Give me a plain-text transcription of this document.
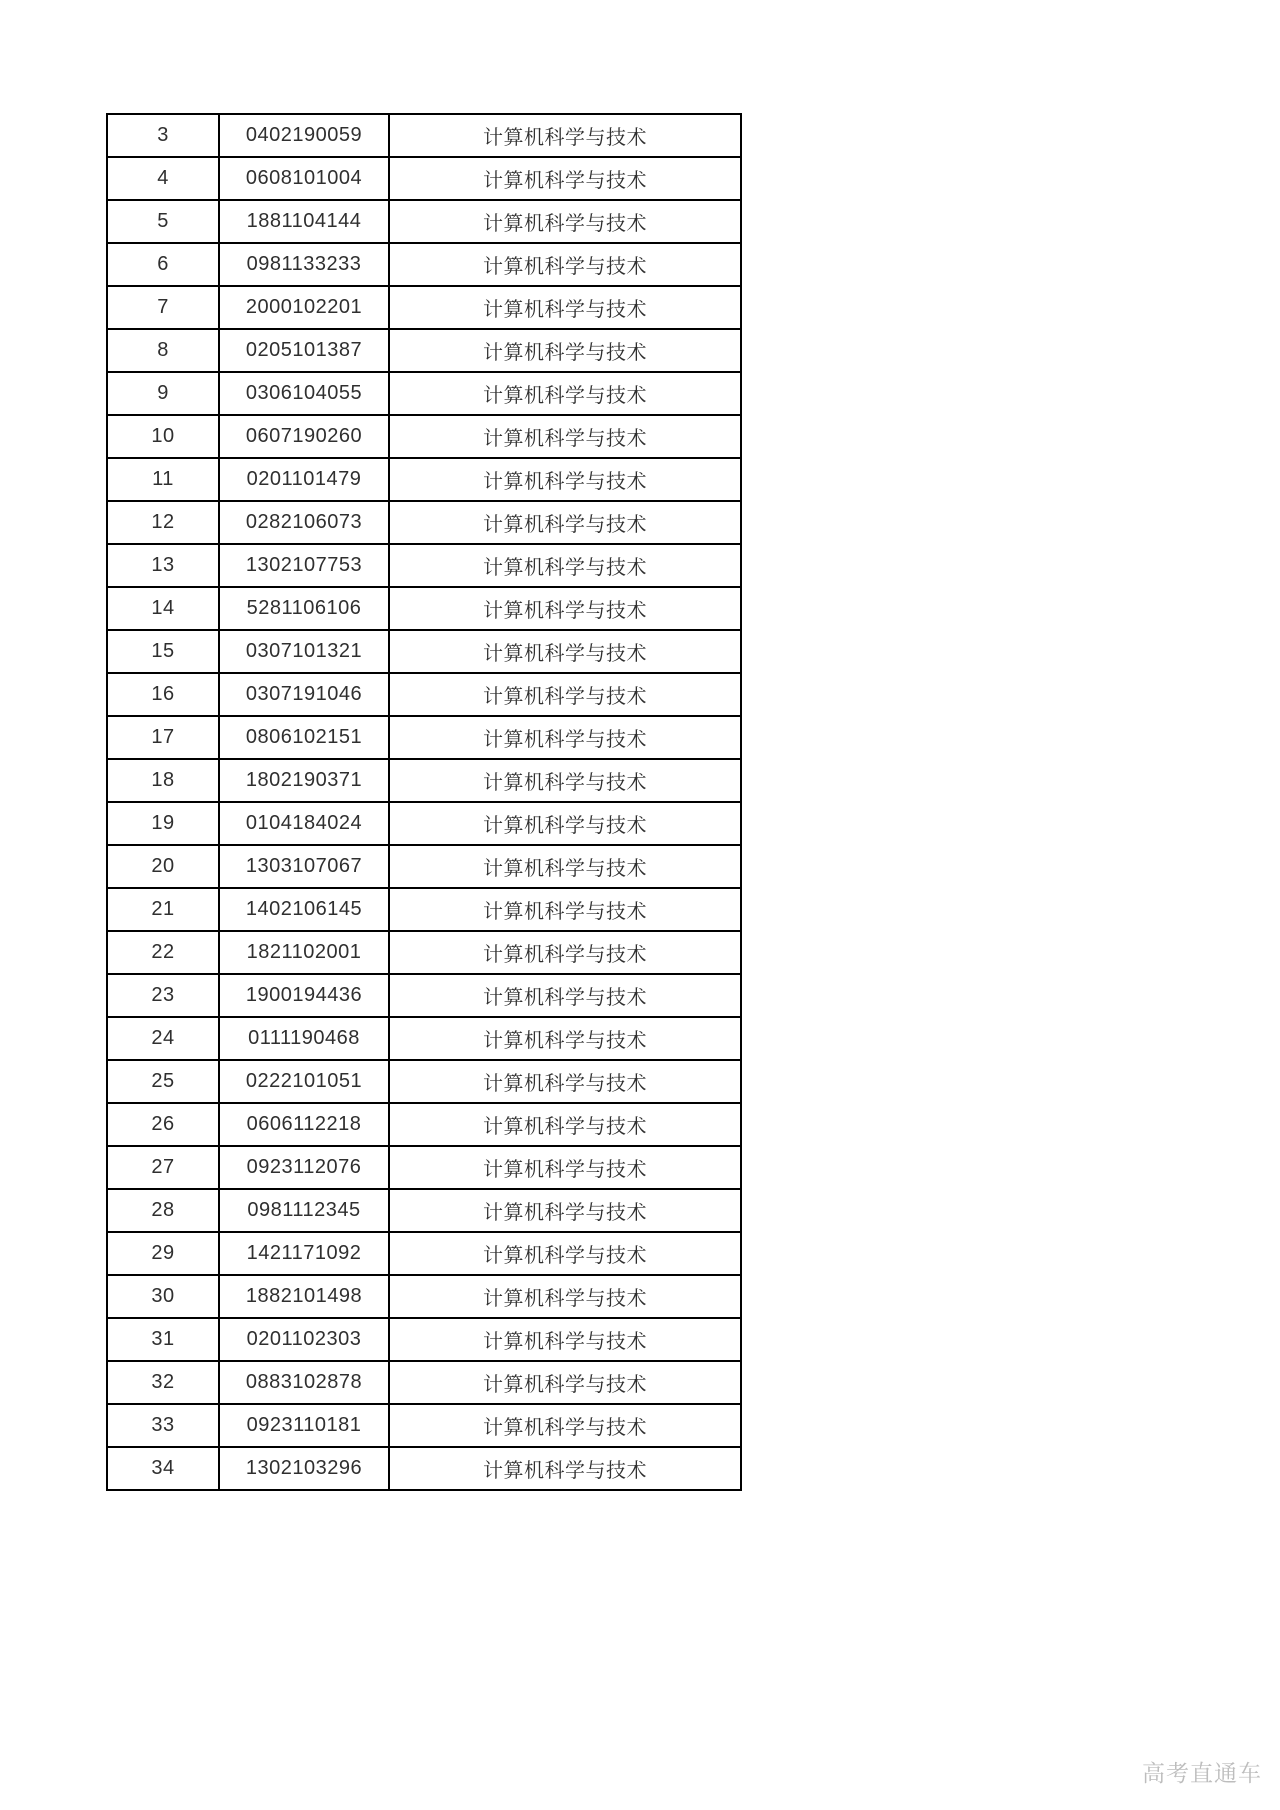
3	0402190059	计算机科学与技术
4	0608101004	计算机科学与技术
5	1881104144	计算机科学与技术
6	0981133233	计算机科学与技术
7	2000102201	计算机科学与技术
8	0205101387	计算机科学与技术
9	0306104055	计算机科学与技术
10	0607190260	计算机科学与技术
11	0201101479	计算机科学与技术
12	0282106073	计算机科学与技术
13	1302107753	计算机科学与技术
14	5281106106	计算机科学与技术
15	0307101321	计算机科学与技术
16	0307191046	计算机科学与技术
17	0806102151	计算机科学与技术
18	1802190371	计算机科学与技术
19	0104184024	计算机科学与技术
20	1303107067	计算机科学与技术
21	1402106145	计算机科学与技术
22	1821102001	计算机科学与技术
23	1900194436	计算机科学与技术
24	0111190468	计算机科学与技术
25	0222101051	计算机科学与技术
26	0606112218	计算机科学与技术
27	0923112076	计算机科学与技术
28	0981112345	计算机科学与技术
29	1421171092	计算机科学与技术
30	1882101498	计算机科学与技术
31	0201102303	计算机科学与技术
32	0883102878	计算机科学与技术
33	0923110181	计算机科学与技术
34	1302103296	计算机科学与技术
高考直通车
